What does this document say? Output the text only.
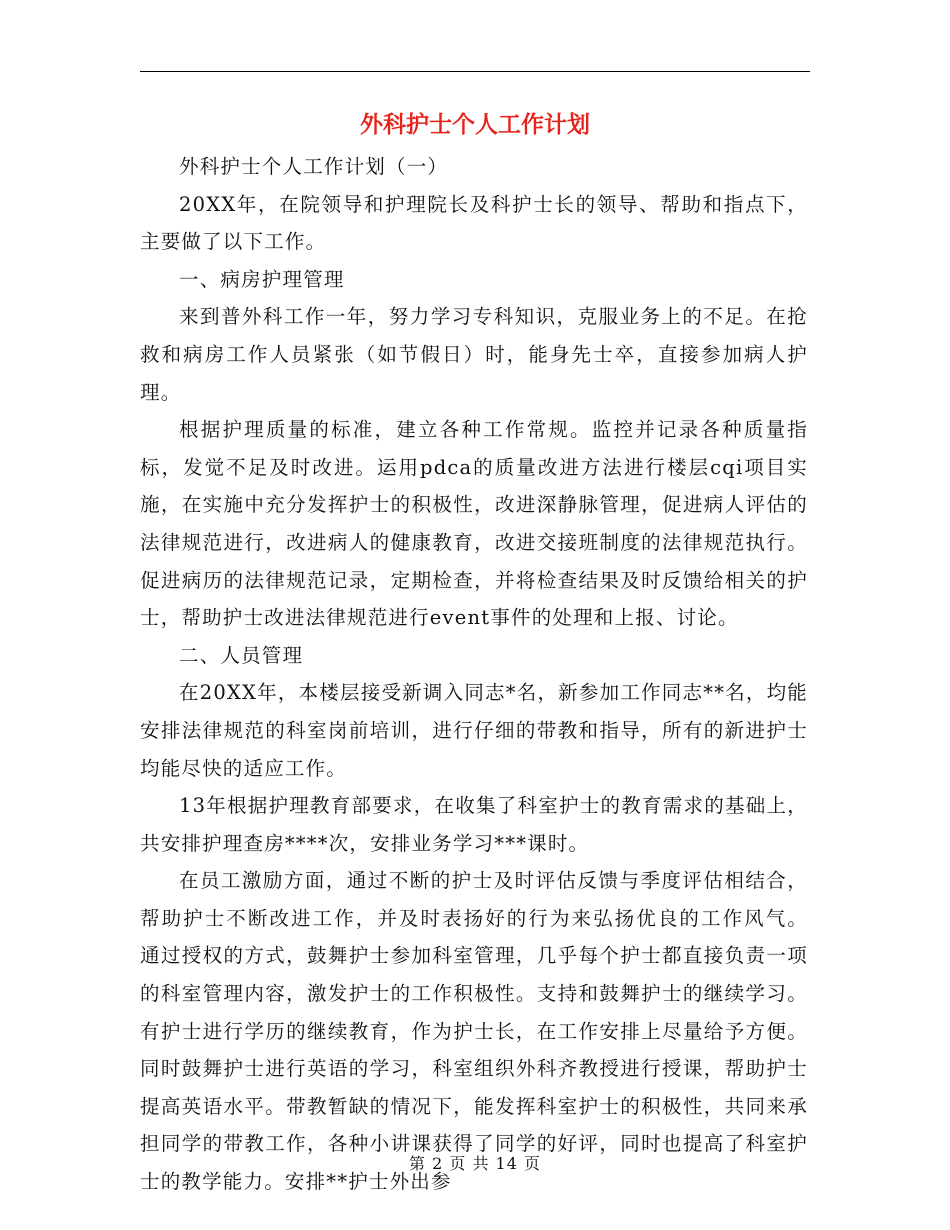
外科护士个人工作计划

外科护士个人工作计划（一）

20XX年，在院领导和护理院长及科护士长的领导、帮助和指点下，主要做了以下工作。

一、病房护理管理

来到普外科工作一年，努力学习专科知识，克服业务上的不足。在抢救和病房工作人员紧张（如节假日）时，能身先士卒，直接参加病人护理。

根据护理质量的标准，建立各种工作常规。监控并记录各种质量指标，发觉不足及时改进。运用pdca的质量改进方法进行楼层cqi项目实施，在实施中充分发挥护士的积极性，改进深静脉管理，促进病人评估的法律规范进行，改进病人的健康教育，改进交接班制度的法律规范执行。促进病历的法律规范记录，定期检查，并将检查结果及时反馈给相关的护士，帮助护士改进法律规范进行event事件的处理和上报、讨论。

二、人员管理

在20XX年，本楼层接受新调入同志*名，新参加工作同志**名，均能安排法律规范的科室岗前培训，进行仔细的带教和指导，所有的新进护士均能尽快的适应工作。

13年根据护理教育部要求，在收集了科室护士的教育需求的基础上，共安排护理查房****次，安排业务学习***课时。

在员工激励方面，通过不断的护士及时评估反馈与季度评估相结合，帮助护士不断改进工作，并及时表扬好的行为来弘扬优良的工作风气。 通过授权的方式，鼓舞护士参加科室管理，几乎每个护士都直接负责一项的科室管理内容，激发护士的工作积极性。支持和鼓舞护士的继续学习。有护士进行学历的继续教育，作为护士长，在工作安排上尽量给予方便。同时鼓舞护士进行英语的学习，科室组织外科齐教授进行授课，帮助护士提高英语水平。带教暂缺的情况下，能发挥科室护士的积极性，共同来承担同学的带教工作，各种小讲课获得了同学的好评，同时也提高了科室护士的教学能力。安排**护士外出参

第 2 页 共 14 页
